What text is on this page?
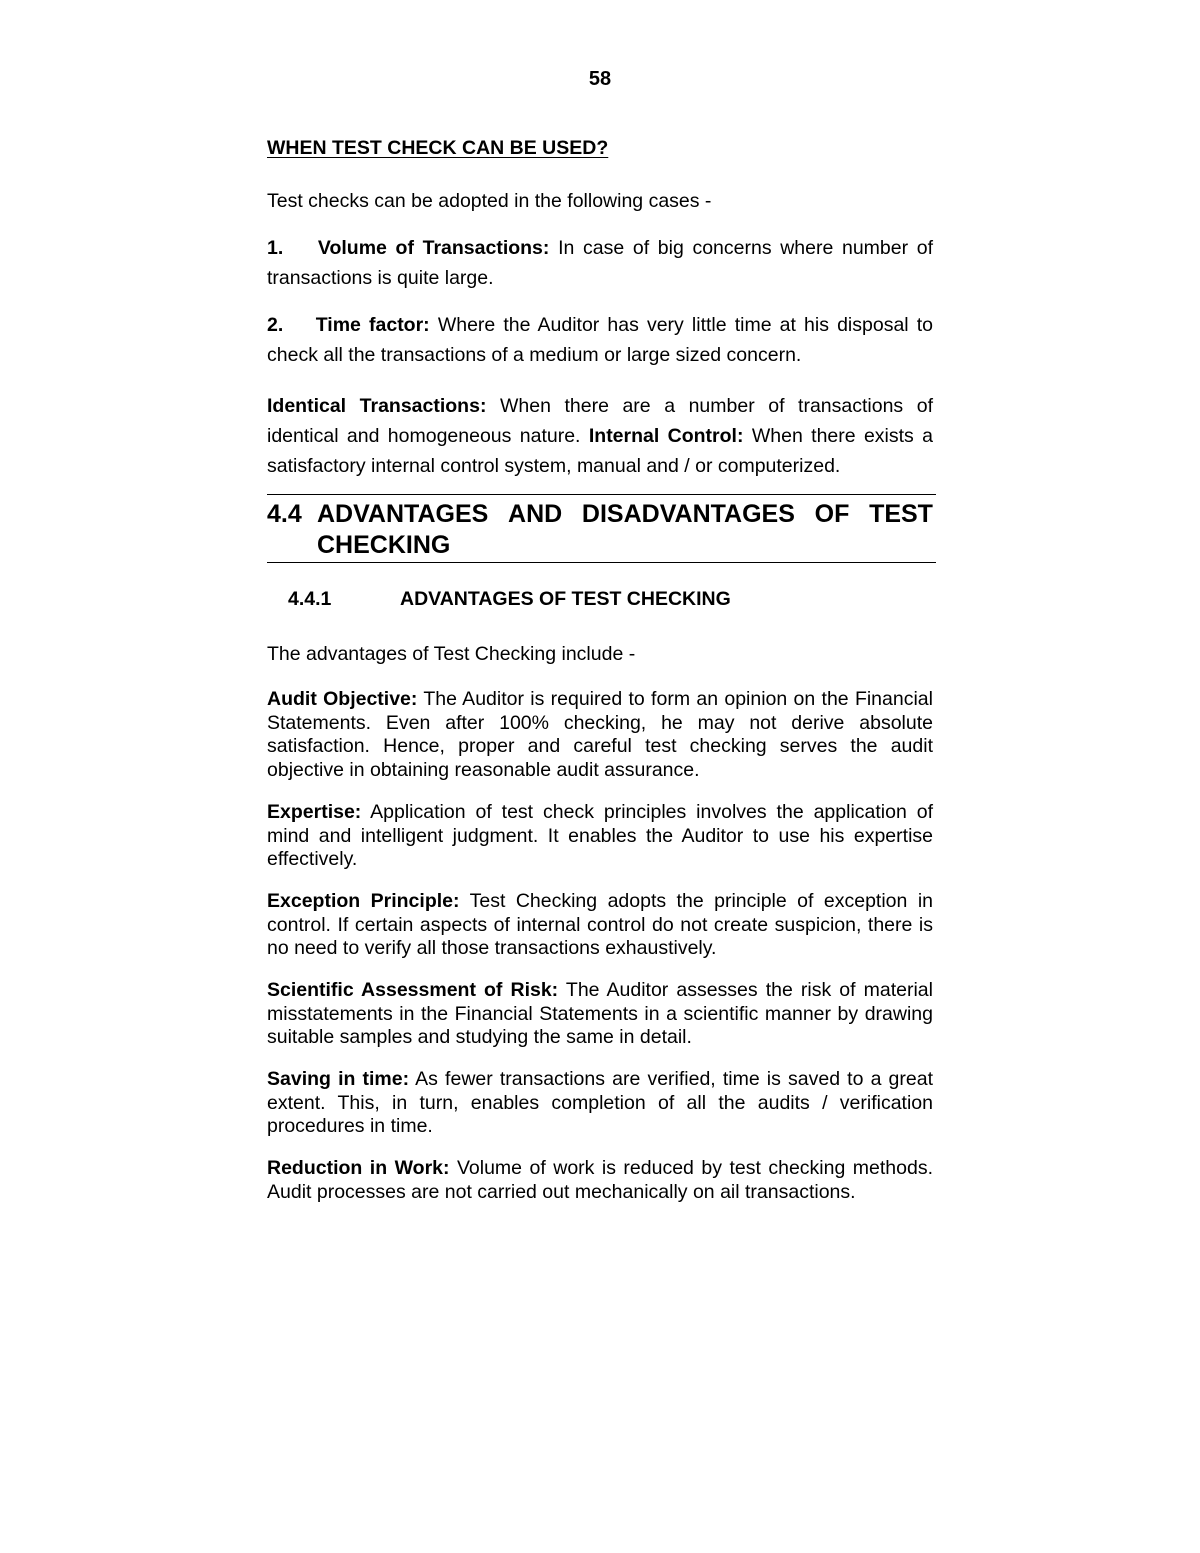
58

WHEN TEST CHECK CAN BE USED?

Test checks can be adopted in the following cases -

1. Volume of Transactions: In case of big concerns where number of transactions is quite large.

2. Time factor: Where the Auditor has very little time at his disposal to check all the transactions of a medium or large sized concern.

Identical Transactions: When there are a number of transactions of identical and homogeneous nature. Internal Control: When there exists a satisfactory internal control system, manual and / or computerized.

4.4 ADVANTAGES AND DISADVANTAGES OF TEST
CHECKING
4.4.1	ADVANTAGES OF TEST CHECKING

The advantages of Test Checking include -

Audit Objective: The Auditor is required to form an opinion on the Financial Statements. Even after 100% checking, he may not derive absolute satisfaction. Hence, proper and careful test checking serves the audit objective in obtaining reasonable audit assurance.

Expertise: Application of test check principles involves the application of mind and intelligent judgment. It enables the Auditor to use his expertise effectively.

Exception Principle: Test Checking adopts the principle of exception in control. If certain aspects of internal control do not create suspicion, there is no need to verify all those transactions exhaustively.

Scientific Assessment of Risk: The Auditor assesses the risk of material misstatements in the Financial Statements in a scientific manner by drawing suitable samples and studying the same in detail.

Saving in time: As fewer transactions are verified, time is saved to a great extent. This, in turn, enables completion of all the audits / verification procedures in time.

Reduction in Work: Volume of work is reduced by test checking methods. Audit processes are not carried out mechanically on ail transactions.
